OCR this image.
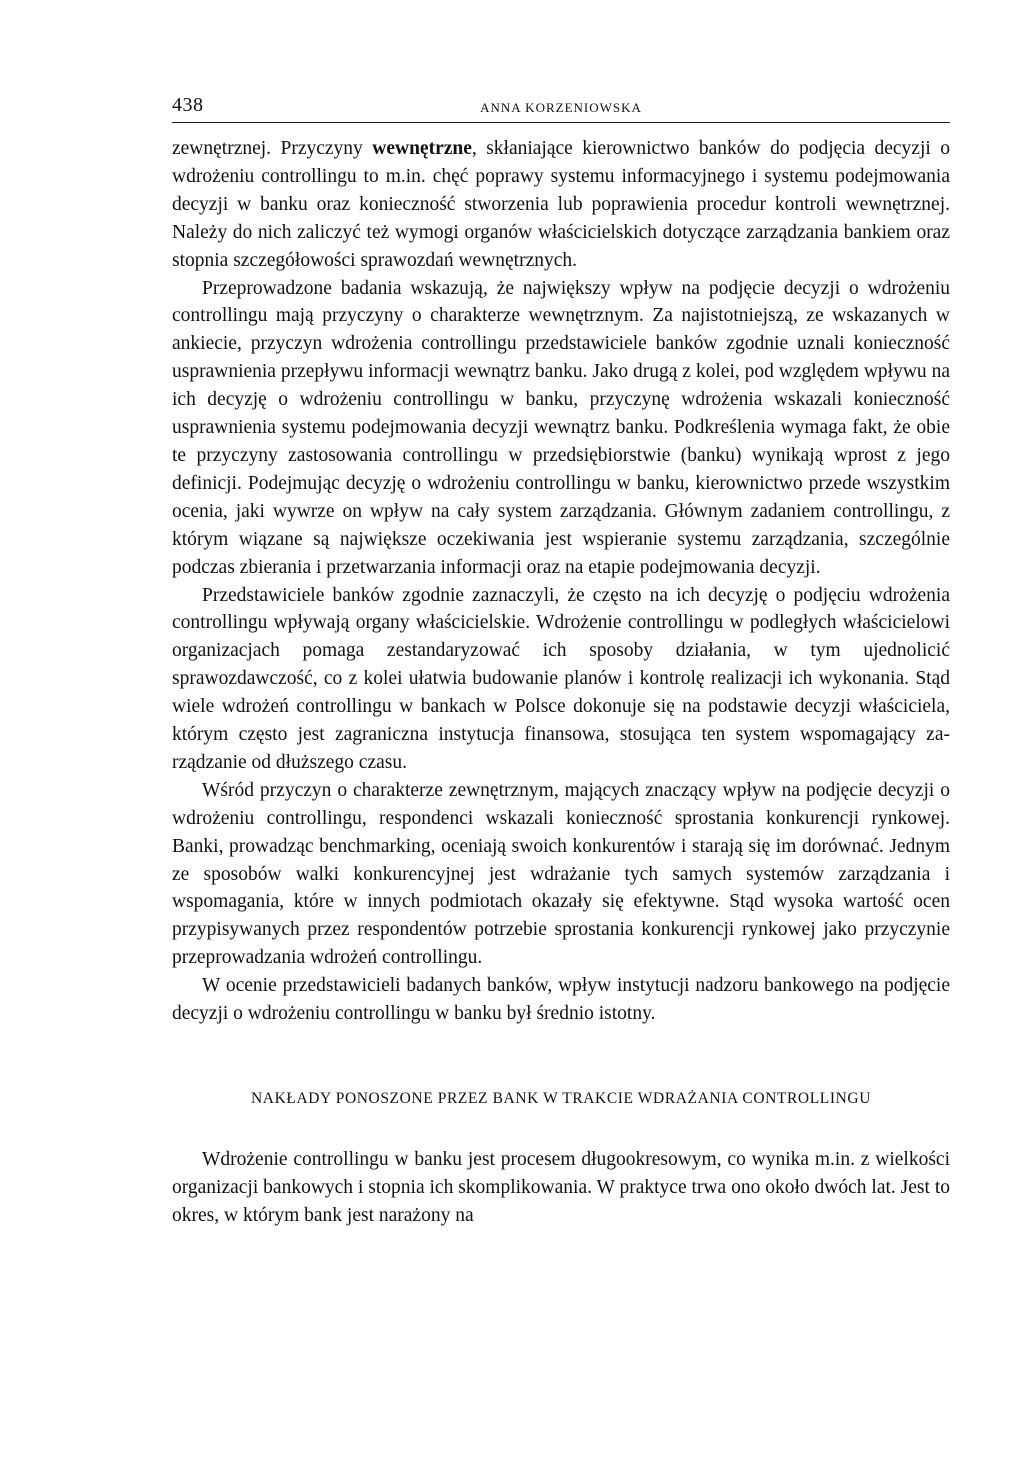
438	ANNA KORZENIOWSKA

zewnętrznej. Przyczyny wewnętrzne, skłaniające kierownictwo banków do podjęcia decyzji o wdrożeniu controllingu to m.in. chęć poprawy systemu informacyjnego i systemu podejmowania decyzji w banku oraz konieczność stworzenia lub poprawienia procedur kontroli wewnętrznej. Należy do nich zaliczyć też wymogi organów właścicielskich dotyczące zarządzania bankiem oraz stopnia szczegółowości sprawozdań wewnętrznych.

Przeprowadzone badania wskazują, że największy wpływ na podjęcie decyzji o wdrożeniu controllingu mają przyczyny o charakterze wewnętrznym. Za najistotniejszą, ze wskazanych w ankiecie, przyczyn wdrożenia controllingu przedstawiciele banków zgodnie uznali konieczność usprawnienia przepływu informacji wewnątrz banku. Jako drugą z kolei, pod względem wpływu na ich decyzję o wdrożeniu controllingu w banku, przyczynę wdrożenia wskazali konieczność usprawnienia systemu podejmowania decyzji wewnątrz banku. Podkreślenia wymaga fakt, że obie te przyczyny zastosowania controllingu w przedsiębiorstwie (banku) wynikają wprost z jego definicji. Podejmując decyzję o wdrożeniu controllingu w banku, kierownictwo przede wszystkim ocenia, jaki wywrze on wpływ na cały system zarządzania. Głównym zadaniem controllingu, z którym wiązane są największe oczekiwania jest wspieranie systemu zarządzania, szczególnie podczas zbierania i przetwarzania informacji oraz na etapie podejmowania decyzji.

Przedstawiciele banków zgodnie zaznaczyli, że często na ich decyzję o podjęciu wdrożenia controllingu wpływają organy właścicielskie. Wdrożenie controllingu w podległych właścicielowi organizacjach pomaga zestandaryzować ich sposoby działania, w tym ujednolicić sprawozdawczość, co z kolei ułatwia budowanie planów i kontrolę realizacji ich wykonania. Stąd wiele wdrożeń controllingu w bankach w Polsce dokonuje się na podstawie decyzji właściciela, którym często jest zagraniczna instytucja finansowa, stosująca ten system wspomagający zarządzanie od dłuższego czasu.

Wśród przyczyn o charakterze zewnętrznym, mających znaczący wpływ na podjęcie decyzji o wdrożeniu controllingu, respondenci wskazali konieczność sprostania konkurencji rynkowej. Banki, prowadząc benchmarking, oceniają swoich konkurentów i starają się im dorównać. Jednym ze sposobów walki konkurencyjnej jest wdrażanie tych samych systemów zarządzania i wspomagania, które w innych podmiotach okazały się efektywne. Stąd wysoka wartość ocen przypisywanych przez respondentów potrzebie sprostania konkurencji rynkowej jako przyczynie przeprowadzania wdrożeń controllingu.

W ocenie przedstawicieli badanych banków, wpływ instytucji nadzoru bankowego na podjęcie decyzji o wdrożeniu controllingu w banku był średnio istotny.

NAKŁADY PONOSZONE PRZEZ BANK W TRAKCIE WDRAŻANIA CONTROLLINGU

Wdrożenie controllingu w banku jest procesem długookresowym, co wynika m.in. z wielkości organizacji bankowych i stopnia ich skomplikowania. W praktyce trwa ono około dwóch lat. Jest to okres, w którym bank jest narażony na
